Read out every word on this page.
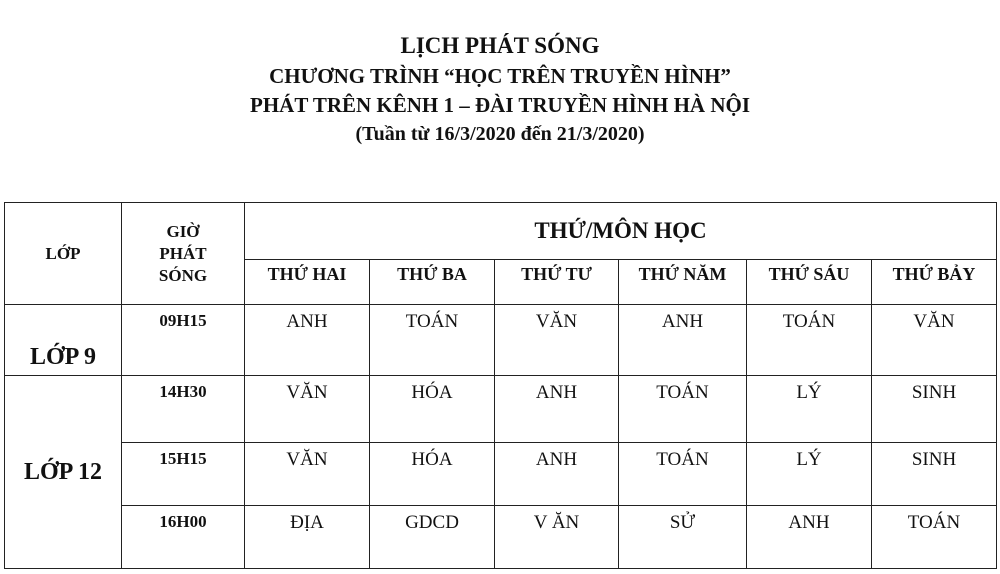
LỊCH PHÁT SÓNG
CHƯƠNG TRÌNH “HỌC TRÊN TRUYỀN HÌNH”
PHÁT TRÊN KÊNH 1 – ĐÀI TRUYỀN HÌNH HÀ NỘI
(Tuần từ 16/3/2020 đến 21/3/2020)
LỚP	GIỜ PHÁT SÓNG	THỨ/MÔN HỌC					
		THỨ HAI	THỨ BA	THỨ TƯ	THỨ NĂM	THỨ SÁU	THỨ BẢY
LỚP 9	09H15	ANH	TOÁN	VĂN	ANH	TOÁN	VĂN
LỚP 12	14H30	VĂN	HÓA	ANH	TOÁN	LÝ	SINH
	15H15	VĂN	HÓA	ANH	TOÁN	LÝ	SINH
	16H00	ĐỊA	GDCD	V ĂN	SỬ	ANH	TOÁN
